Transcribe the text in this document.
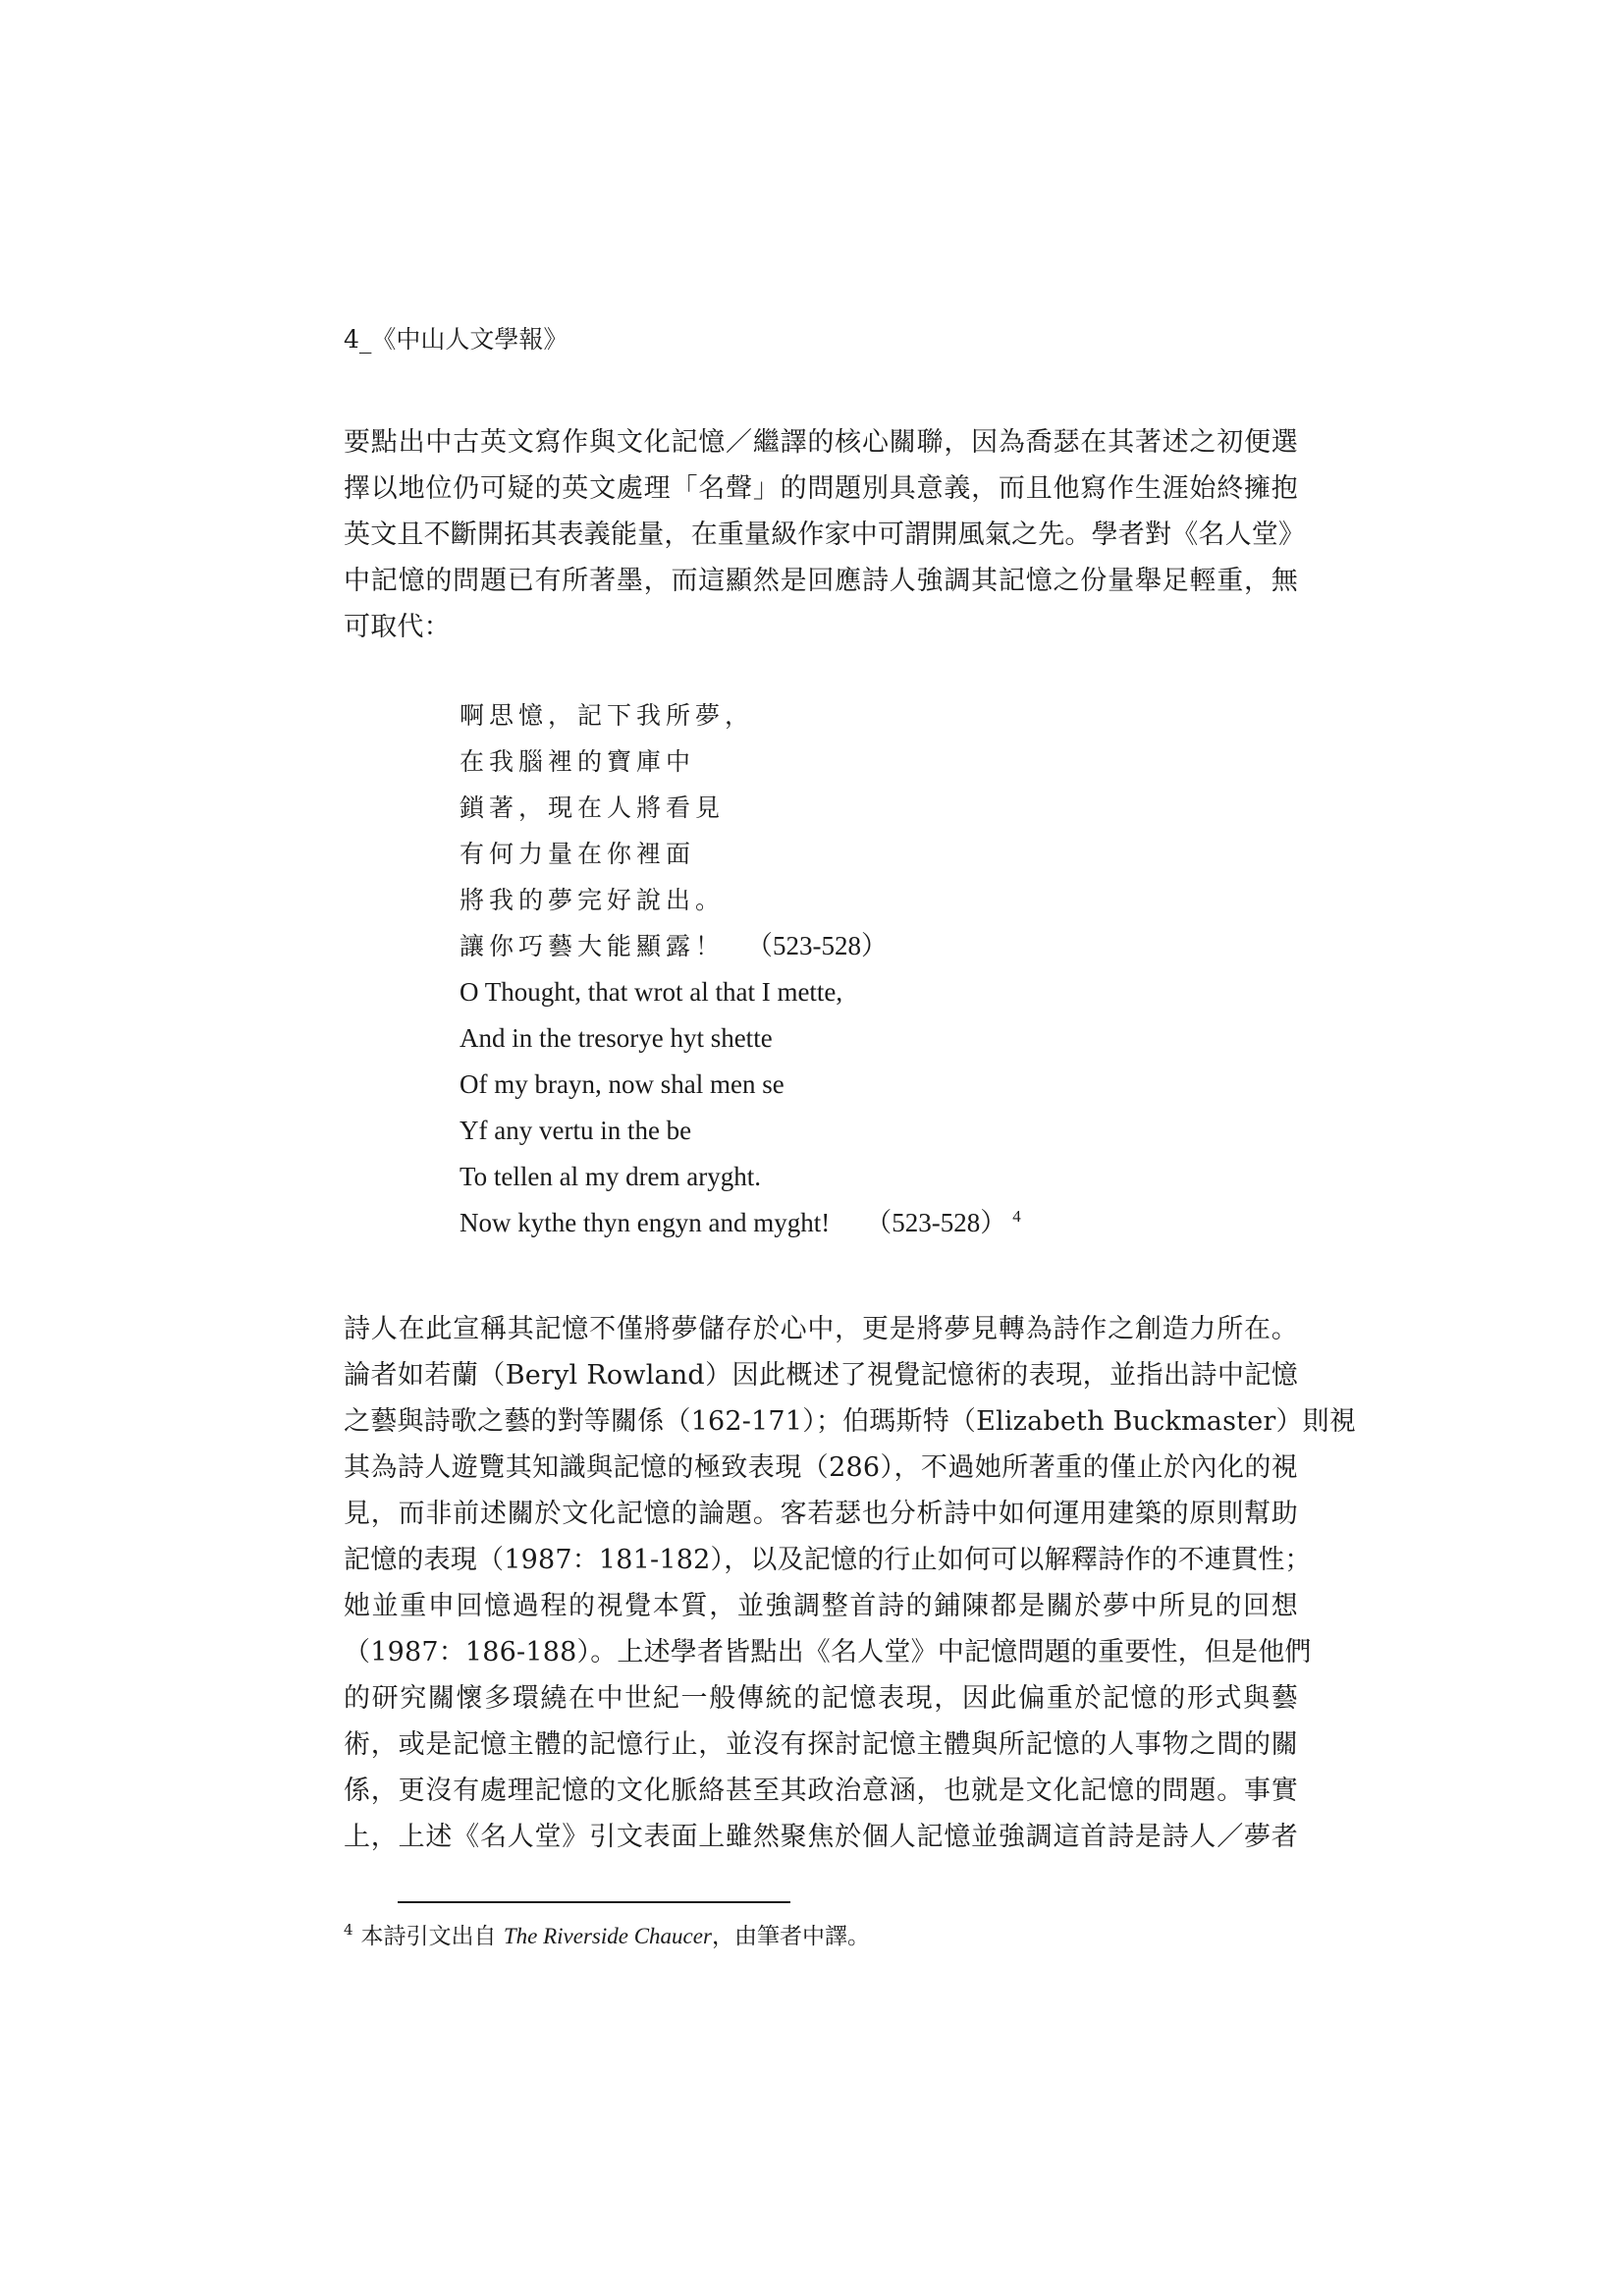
4_《中山人文學報》

要點出中古英文寫作與文化記憶／繼譯的核心關聯，因為喬瑟在其著述之初便選
擇以地位仍可疑的英文處理「名聲」的問題別具意義，而且他寫作生涯始終擁抱
英文且不斷開拓其表義能量，在重量級作家中可謂開風氣之先。學者對《名人堂》
中記憶的問題已有所著墨，而這顯然是回應詩人強調其記憶之份量舉足輕重，無
可取代：

啊思憶，記下我所夢，
在我腦裡的寶庫中
鎖著，現在人將看見
有何力量在你裡面
將我的夢完好說出。
讓你巧藝大能顯露！ （523-528）
O Thought, that wrot al that I mette,
And in the tresorye hyt shette
Of my brayn, now shal men se
Yf any vertu in the be
To tellen al my drem aryght.
Now kythe thyn engyn and myght! （523-528） $^4$

詩人在此宣稱其記憶不僅將夢儲存於心中，更是將夢見轉為詩作之創造力所在。
論者如若蘭（Beryl Rowland）因此概述了視覺記憶術的表現，並指出詩中記憶
之藝與詩歌之藝的對等關係（162-171）；伯瑪斯特（Elizabeth Buckmaster）則視
其為詩人遊覽其知識與記憶的極致表現（286），不過她所著重的僅止於內化的視
見，而非前述關於文化記憶的論題。客若瑟也分析詩中如何運用建築的原則幫助
記憶的表現（1987：181-182），以及記憶的行止如何可以解釋詩作的不連貫性；
她並重申回憶過程的視覺本質，並強調整首詩的鋪陳都是關於夢中所見的回想
（1987：186-188）。上述學者皆點出《名人堂》中記憶問題的重要性，但是他們
的研究關懷多環繞在中世紀一般傳統的記憶表現，因此偏重於記憶的形式與藝
術，或是記憶主體的記憶行止，並沒有探討記憶主體與所記憶的人事物之間的關
係，更沒有處理記憶的文化脈絡甚至其政治意涵，也就是文化記憶的問題。事實
上，上述《名人堂》引文表面上雖然聚焦於個人記憶並強調這首詩是詩人／夢者

$^4$ 本詩引文出自 The Riverside Chaucer，由筆者中譯。
